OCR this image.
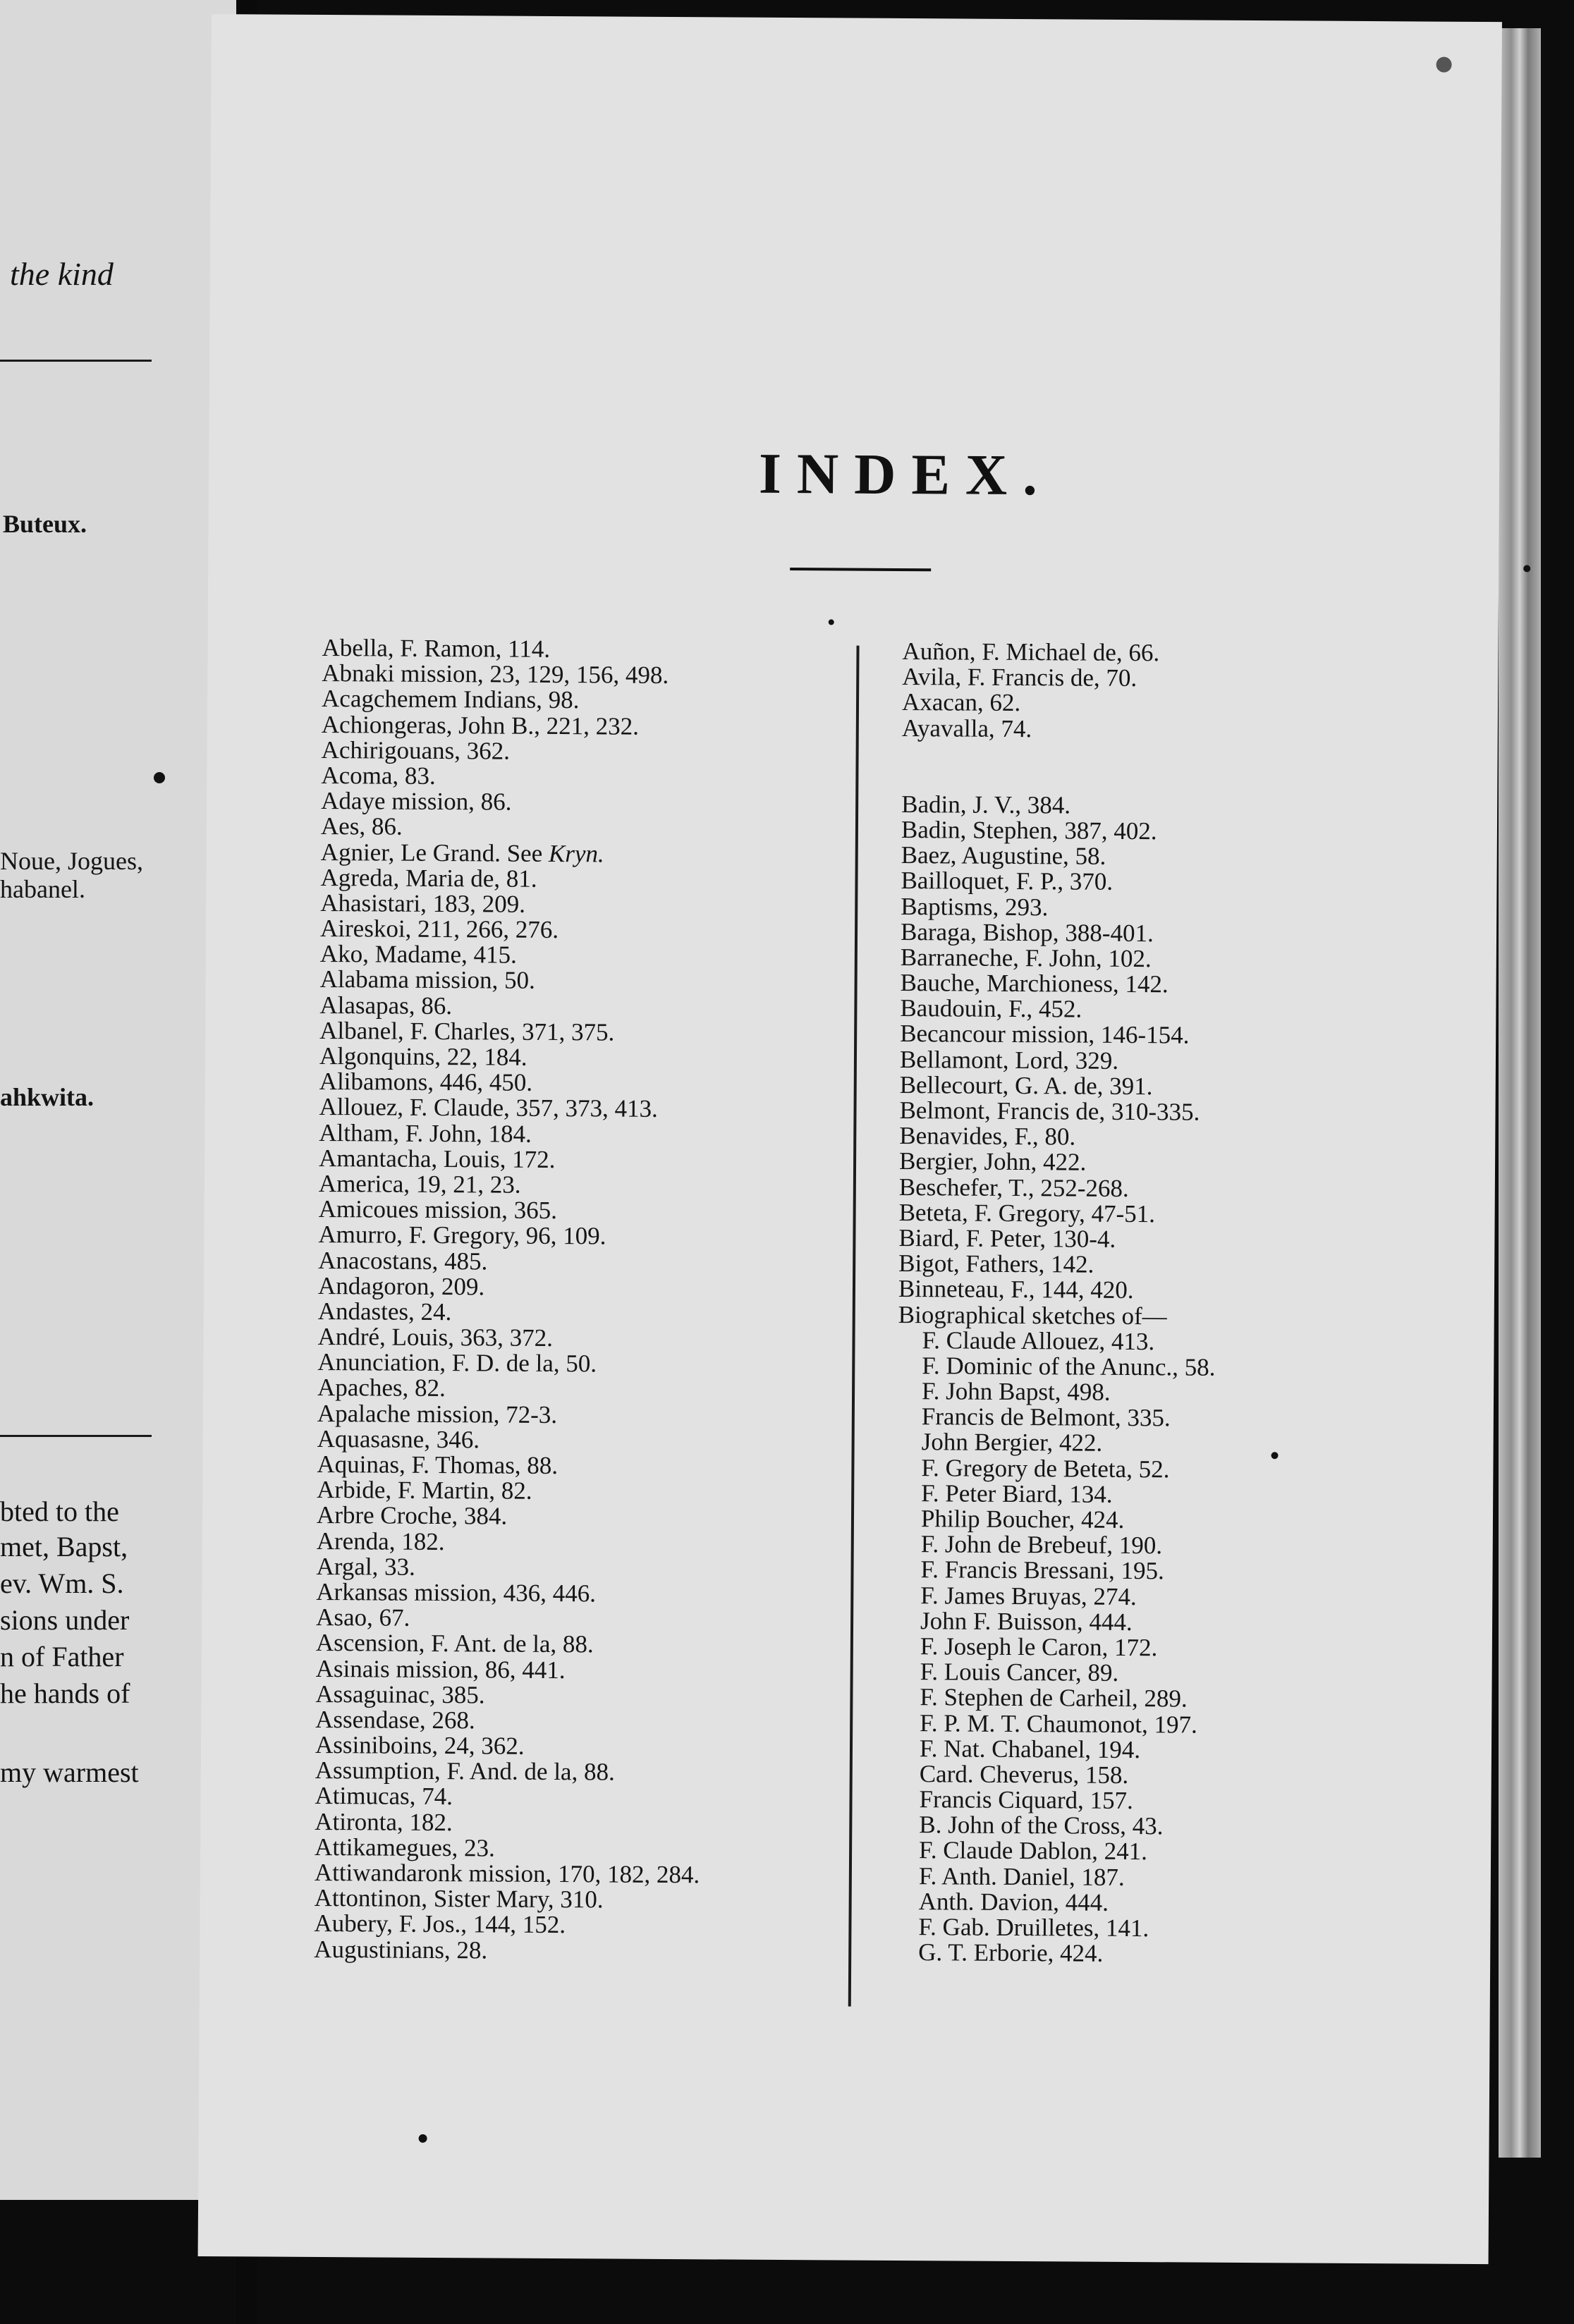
the kind
Buteux.
Noue, Jogues,
habanel.
ahkwita.
bted to the
met, Bapst,
ev. Wm. S.
sions under
n of Father
he hands of
my warmest
INDEX.
Abella, F. Ramon, 114.
Abnaki mission, 23, 129, 156, 498.
Acagchemem Indians, 98.
Achiongeras, John B., 221, 232.
Achirigouans, 362.
Acoma, 83.
Adaye mission, 86.
Aes, 86.
Agnier, Le Grand. See Kryn.
Agreda, Maria de, 81.
Ahasistari, 183, 209.
Aireskoi, 211, 266, 276.
Ako, Madame, 415.
Alabama mission, 50.
Alasapas, 86.
Albanel, F. Charles, 371, 375.
Algonquins, 22, 184.
Alibamons, 446, 450.
Allouez, F. Claude, 357, 373, 413.
Altham, F. John, 184.
Amantacha, Louis, 172.
America, 19, 21, 23.
Amicoues mission, 365.
Amurro, F. Gregory, 96, 109.
Anacostans, 485.
Andagoron, 209.
Andastes, 24.
André, Louis, 363, 372.
Anunciation, F. D. de la, 50.
Apaches, 82.
Apalache mission, 72-3.
Aquasasne, 346.
Aquinas, F. Thomas, 88.
Arbide, F. Martin, 82.
Arbre Croche, 384.
Arenda, 182.
Argal, 33.
Arkansas mission, 436, 446.
Asao, 67.
Ascension, F. Ant. de la, 88.
Asinais mission, 86, 441.
Assaguinac, 385.
Assendase, 268.
Assiniboins, 24, 362.
Assumption, F. And. de la, 88.
Atimucas, 74.
Atironta, 182.
Attikamegues, 23.
Attiwandaronk mission, 170, 182, 284.
Attontinon, Sister Mary, 310.
Aubery, F. Jos., 144, 152.
Augustinians, 28.
Auñon, F. Michael de, 66.
Avila, F. Francis de, 70.
Axacan, 62.
Ayavalla, 74.
Badin, J. V., 384.
Badin, Stephen, 387, 402.
Baez, Augustine, 58.
Bailloquet, F. P., 370.
Baptisms, 293.
Baraga, Bishop, 388-401.
Barraneche, F. John, 102.
Bauche, Marchioness, 142.
Baudouin, F., 452.
Becancour mission, 146-154.
Bellamont, Lord, 329.
Bellecourt, G. A. de, 391.
Belmont, Francis de, 310-335.
Benavides, F., 80.
Bergier, John, 422.
Beschefer, T., 252-268.
Beteta, F. Gregory, 47-51.
Biard, F. Peter, 130-4.
Bigot, Fathers, 142.
Binneteau, F., 144, 420.
Biographical sketches of—
F. Claude Allouez, 413.
F. Dominic of the Anunc., 58.
F. John Bapst, 498.
Francis de Belmont, 335.
John Bergier, 422.
F. Gregory de Beteta, 52.
F. Peter Biard, 134.
Philip Boucher, 424.
F. John de Brebeuf, 190.
F. Francis Bressani, 195.
F. James Bruyas, 274.
John F. Buisson, 444.
F. Joseph le Caron, 172.
F. Louis Cancer, 89.
F. Stephen de Carheil, 289.
F. P. M. T. Chaumonot, 197.
F. Nat. Chabanel, 194.
Card. Cheverus, 158.
Francis Ciquard, 157.
B. John of the Cross, 43.
F. Claude Dablon, 241.
F. Anth. Daniel, 187.
Anth. Davion, 444.
F. Gab. Druilletes, 141.
G. T. Erborie, 424.
